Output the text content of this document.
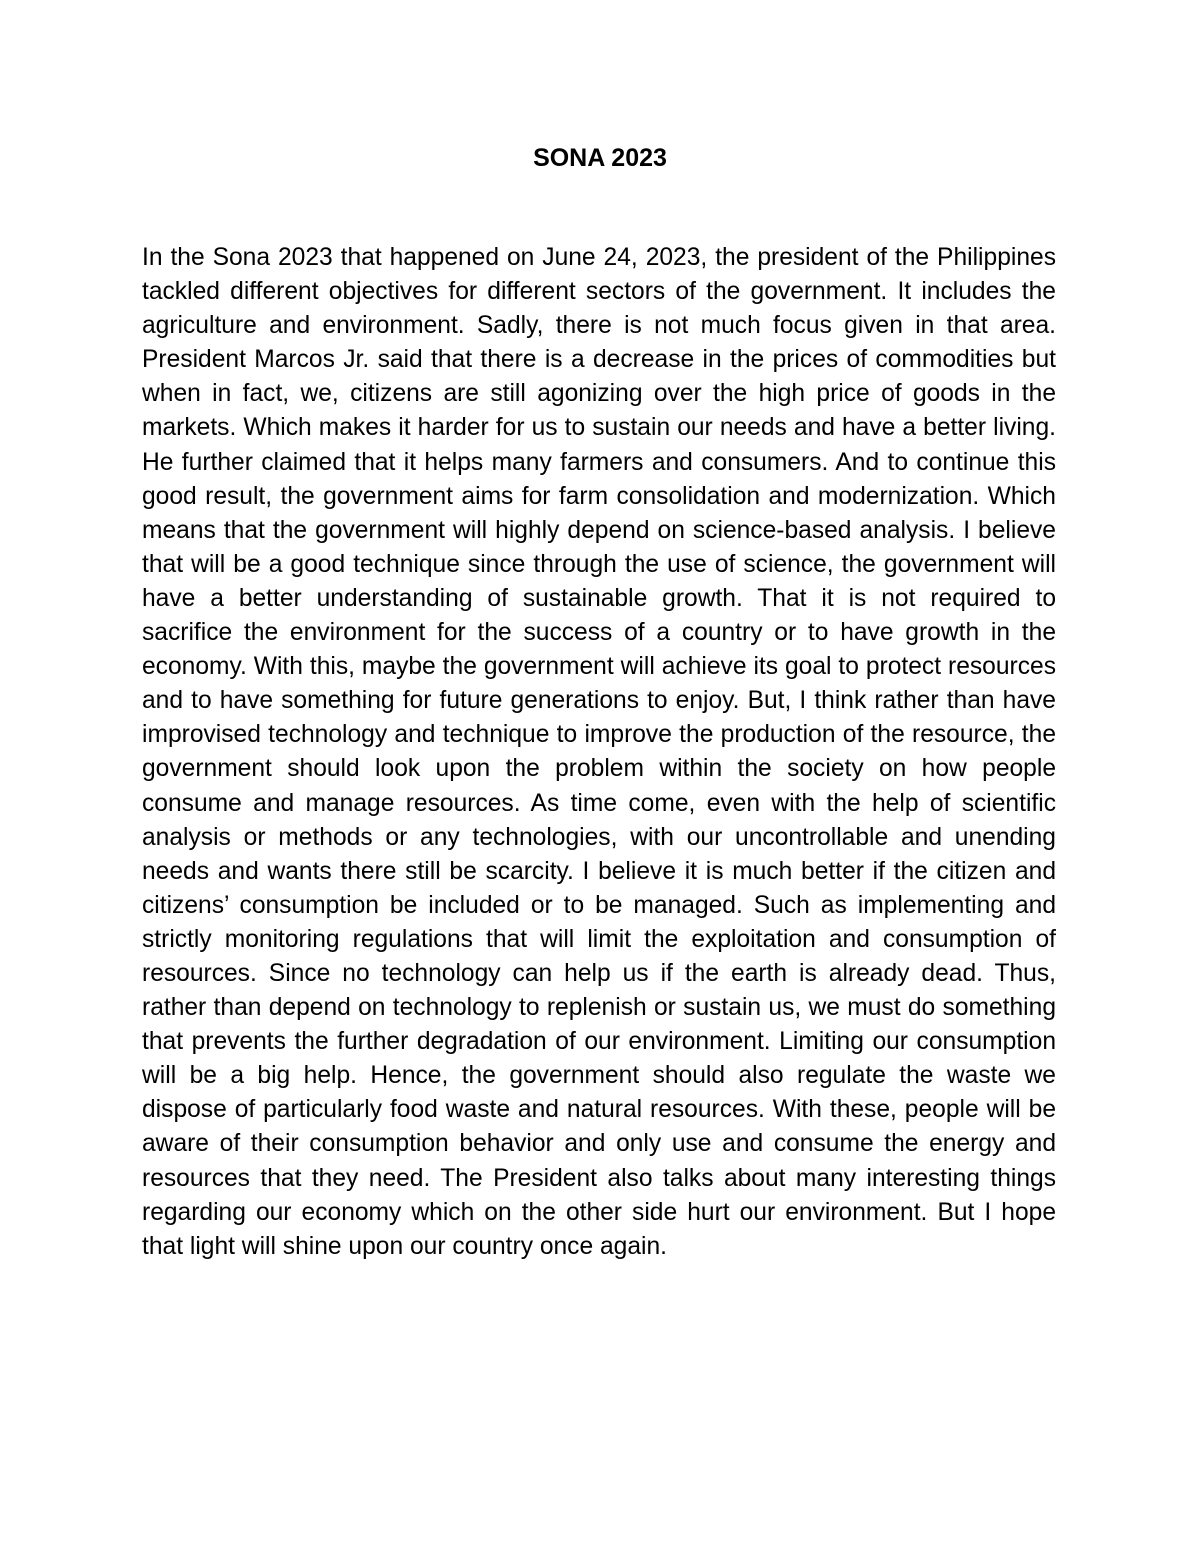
SONA 2023

In the Sona 2023 that happened on June 24, 2023, the president of the Philippines tackled different objectives for different sectors of the government. It includes the agriculture and environment. Sadly, there is not much focus given in that area. President Marcos Jr. said that there is a decrease in the prices of commodities but when in fact, we, citizens are still agonizing over the high price of goods in the markets. Which makes it harder for us to sustain our needs and have a better living. He further claimed that it helps many farmers and consumers. And to continue this good result, the government aims for farm consolidation and modernization. Which means that the government will highly depend on science-based analysis. I believe that will be a good technique since through the use of science, the government will have a better understanding of sustainable growth. That it is not required to sacrifice the environment for the success of a country or to have growth in the economy. With this, maybe the government will achieve its goal to protect resources and to have something for future generations to enjoy. But, I think rather than have improvised technology and technique to improve the production of the resource, the government should look upon the problem within the society on how people consume and manage resources. As time come, even with the help of scientific analysis or methods or any technologies, with our uncontrollable and unending needs and wants there still be scarcity. I believe it is much better if the citizen and citizens’ consumption be included or to be managed. Such as implementing and strictly monitoring regulations that will limit the exploitation and consumption of resources. Since no technology can help us if the earth is already dead. Thus, rather than depend on technology to replenish or sustain us, we must do something that prevents the further degradation of our environment. Limiting our consumption will be a big help. Hence, the government should also regulate the waste we dispose of particularly food waste and natural resources. With these, people will be aware of their consumption behavior and only use and consume the energy and resources that they need. The President also talks about many interesting things regarding our economy which on the other side hurt our environment. But I hope that light will shine upon our country once again.
